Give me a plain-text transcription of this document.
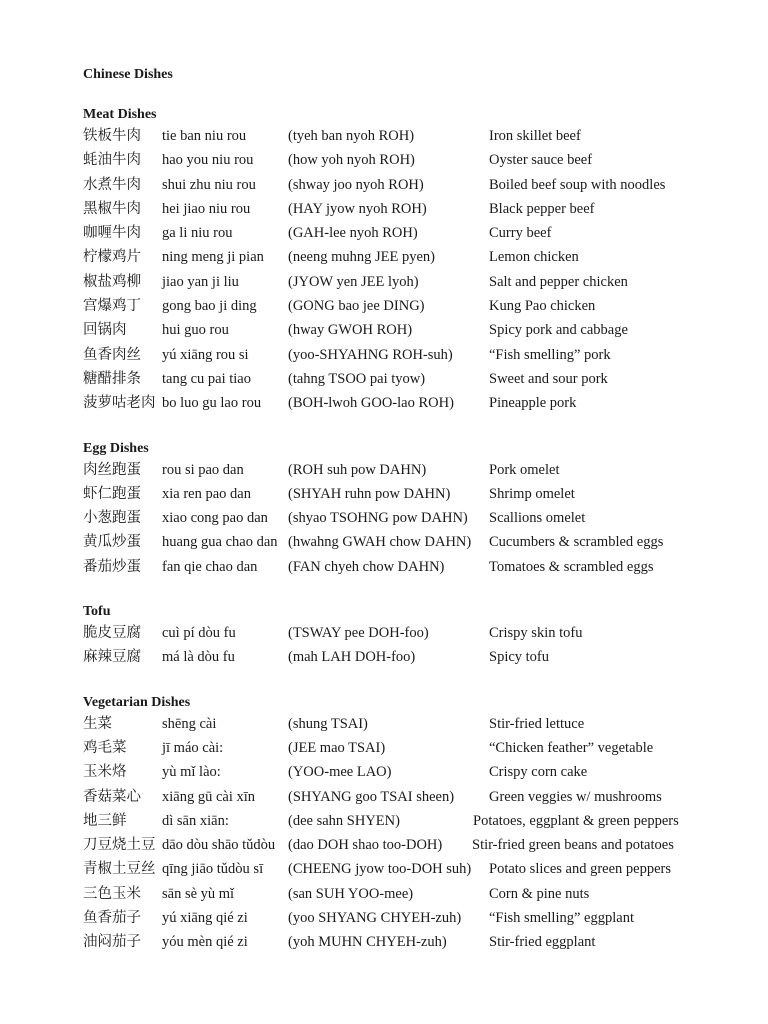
Chinese Dishes
Meat Dishes
铁板牛肉 tie ban niu rou	(tyeh ban nyoh ROH)	Iron skillet beef
蚝油牛肉 hao you niu rou (how yoh nyoh ROH)	Oyster sauce beef
水煮牛肉 shui zhu niu rou (shway joo nyoh ROH)	Boiled beef soup with noodles
黑椒牛肉 hei jiao niu rou	(HAY jyow nyoh ROH)	Black pepper beef
咖喱牛肉 ga li niu rou	(GAH-lee nyoh ROH)	Curry beef
柠檬鸡片 ning meng ji pian (neeng muhng JEE pyen)	Lemon chicken
椒盐鸡柳 jiao yan ji liu	(JYOW yen JEE lyoh)	Salt and pepper chicken
宫爆鸡丁 gong bao ji ding (GONG bao jee DING)	Kung Pao chicken
回锅肉 hui guo rou	(hway GWOH ROH)	Spicy pork and cabbage
鱼香肉丝 yú xiāng rou si	(yoo-SHYAHNG ROH-suh)	“Fish smelling” pork
糖醋排条 tang cu pai tiao	(tahng TSOO pai tyow)	Sweet and sour pork
菠萝咕老肉 bo luo gu lao rou (BOH-lwoh GOO-lao ROH) Pineapple pork
Egg Dishes
肉丝跑蛋 rou si pao dan	(ROH suh pow DAHN)	Pork omelet
虾仁跑蛋 xia ren pao dan	(SHYAH ruhn pow DAHN)	Shrimp omelet
小葱跑蛋 xiao cong pao dan (shyao TSOHNG pow DAHN) Scallions omelet
黄瓜炒蛋 huang gua chao dan (hwahng GWAH chow DAHN) Cucumbers & scrambled eggs
番茄炒蛋 fan qie chao dan (FAN chyeh chow DAHN)	Tomatoes & scrambled eggs
Tofu
脆皮豆腐 cuì pí dòu fu	(TSWAY pee DOH-foo)	Crispy skin tofu
麻辣豆腐 má là dòu fu	(mah LAH DOH-foo)	Spicy tofu
Vegetarian Dishes
生菜	shēng cài	(shung TSAI)	Stir-fried lettuce
鸡毛菜 jī máo cài:	(JEE mao TSAI)	“Chicken feather” vegetable
玉米烙 yù mǐ lào:	(YOO-mee LAO)	Crispy corn cake
香菇菜心 xiāng gū cài xīn (SHYANG goo TSAI sheen) Green veggies w/ mushrooms
地三鲜 dì sān xiān:	(dee sahn SHYEN)	Potatoes, eggplant & green peppers
刀豆烧土豆 dāo dòu shāo tǔdòu (dao DOH shao too-DOH) Stir-fried green beans and potatoes
青椒土豆丝 qīng jiāo tǔdòu sī (CHEENG jyow too-DOH suh) Potato slices and green peppers
三色玉米 sān sè yù mǐ	(san SUH YOO-mee)	Corn & pine nuts
鱼香茄子 yú xiāng qié zi	(yoo SHYANG CHYEH-zuh) “Fish smelling” eggplant
油闷茄子 yóu mèn qié zi	(yoh MUHN CHYEH-zuh)	Stir-fried eggplant
